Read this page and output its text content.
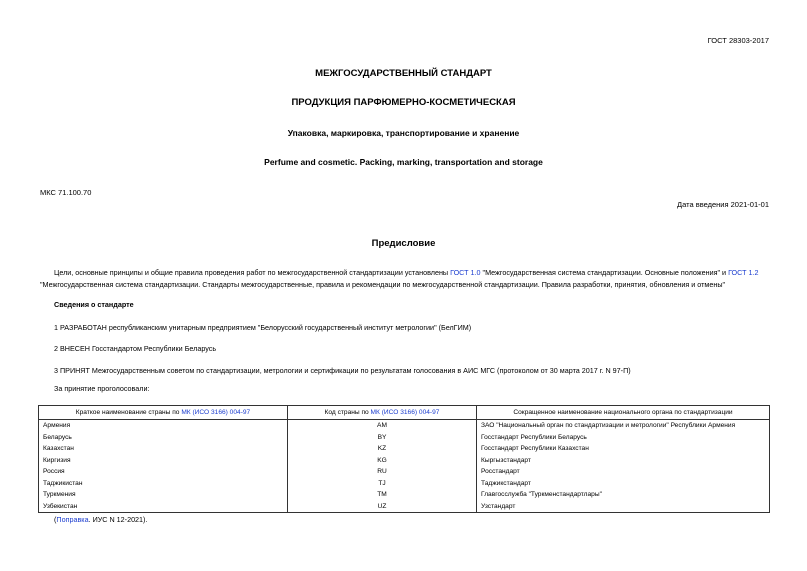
ГОСТ 28303-2017
МЕЖГОСУДАРСТВЕННЫЙ СТАНДАРТ
ПРОДУКЦИЯ ПАРФЮМЕРНО-КОСМЕТИЧЕСКАЯ
Упаковка, маркировка, транспортирование и хранение
Perfume and cosmetic. Packing, marking, transportation and storage
МКС 71.100.70
Дата введения 2021-01-01
Предисловие
Цели, основные принципы и общие правила проведения работ по межгосударственной стандартизации установлены ГОСТ 1.0 "Межгосударственная система стандартизации. Основные положения" и ГОСТ 1.2 "Межгосударственная система стандартизации. Стандарты межгосударственные, правила и рекомендации по межгосударственной стандартизации. Правила разработки, принятия, обновления и отмены"
Сведения о стандарте
1 РАЗРАБОТАН республиканским унитарным предприятием "Белорусский государственный институт метрологии" (БелГИМ)
2 ВНЕСЕН Госстандартом Республики Беларусь
3 ПРИНЯТ Межгосударственным советом по стандартизации, метрологии и сертификации по результатам голосования в АИС МГС (протоколом от 30 марта 2017 г. N 97-П)
За принятие проголосовали:
Краткое наименование страны по МК (ИСО 3166) 004-97	Код страны по МК (ИСО 3166) 004-97	Сокращенное наименование национального органа по стандартизации
Армения	AM	ЗАО "Национальный орган по стандартизации и метрологии" Республики Армения
Беларусь	BY	Госстандарт Республики Беларусь
Казахстан	KZ	Госстандарт Республики Казахстан
Киргизия	KG	Кыргызстандарт
Россия	RU	Росстандарт
Таджикистан	TJ	Таджикстандарт
Туркмения	TM	Главгосслужба "Туркменстандартлары"
Узбекистан	UZ	Узстандарт
(Поправка. ИУС N 12-2021).
